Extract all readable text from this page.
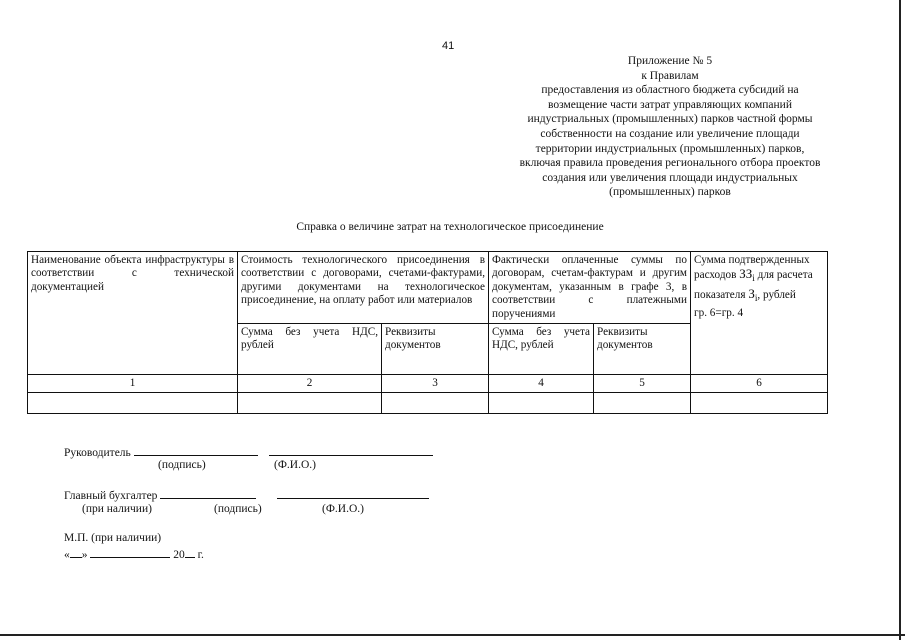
41
Приложение № 5
к Правилам
предоставления из областного бюджета субсидий на
возмещение части затрат управляющих компаний
индустриальных (промышленных) парков частной формы
собственности на создание или увеличение площади
территории индустриальных (промышленных) парков,
включая правила проведения регионального отбора проектов
создания или увеличения площади индустриальных
(промышленных) парков
Справка о величине затрат на технологическое присоединение
Наименование объекта инфраструктуры в соответствии с технической документацией	Стоимость технологического присоединения в соответствии с договорами, счетами-фактурами, другими документами на технологическое присоединение, на оплату работ или материалов		Фактически оплаченные суммы по договорам, счетам-фактурам и другим документам, указанным в графе 3, в соответствии с платежными поручениями		Сумма подтвержденных расходов $ЗЗ_i$ для расчета показателя $З_i$, рублей
гр. 6=гр. 4
	Сумма без учета НДС, рублей	Реквизиты документов	Сумма без учета НДС, рублей	Реквизиты документов	
1	2	3	4	5	6

Руководитель
(подпись)	(Ф.И.О.)
Главный бухгалтер
(при наличии)	(подпись)	(Ф.И.О.)
М.П. (при наличии)
« »	20 г.
